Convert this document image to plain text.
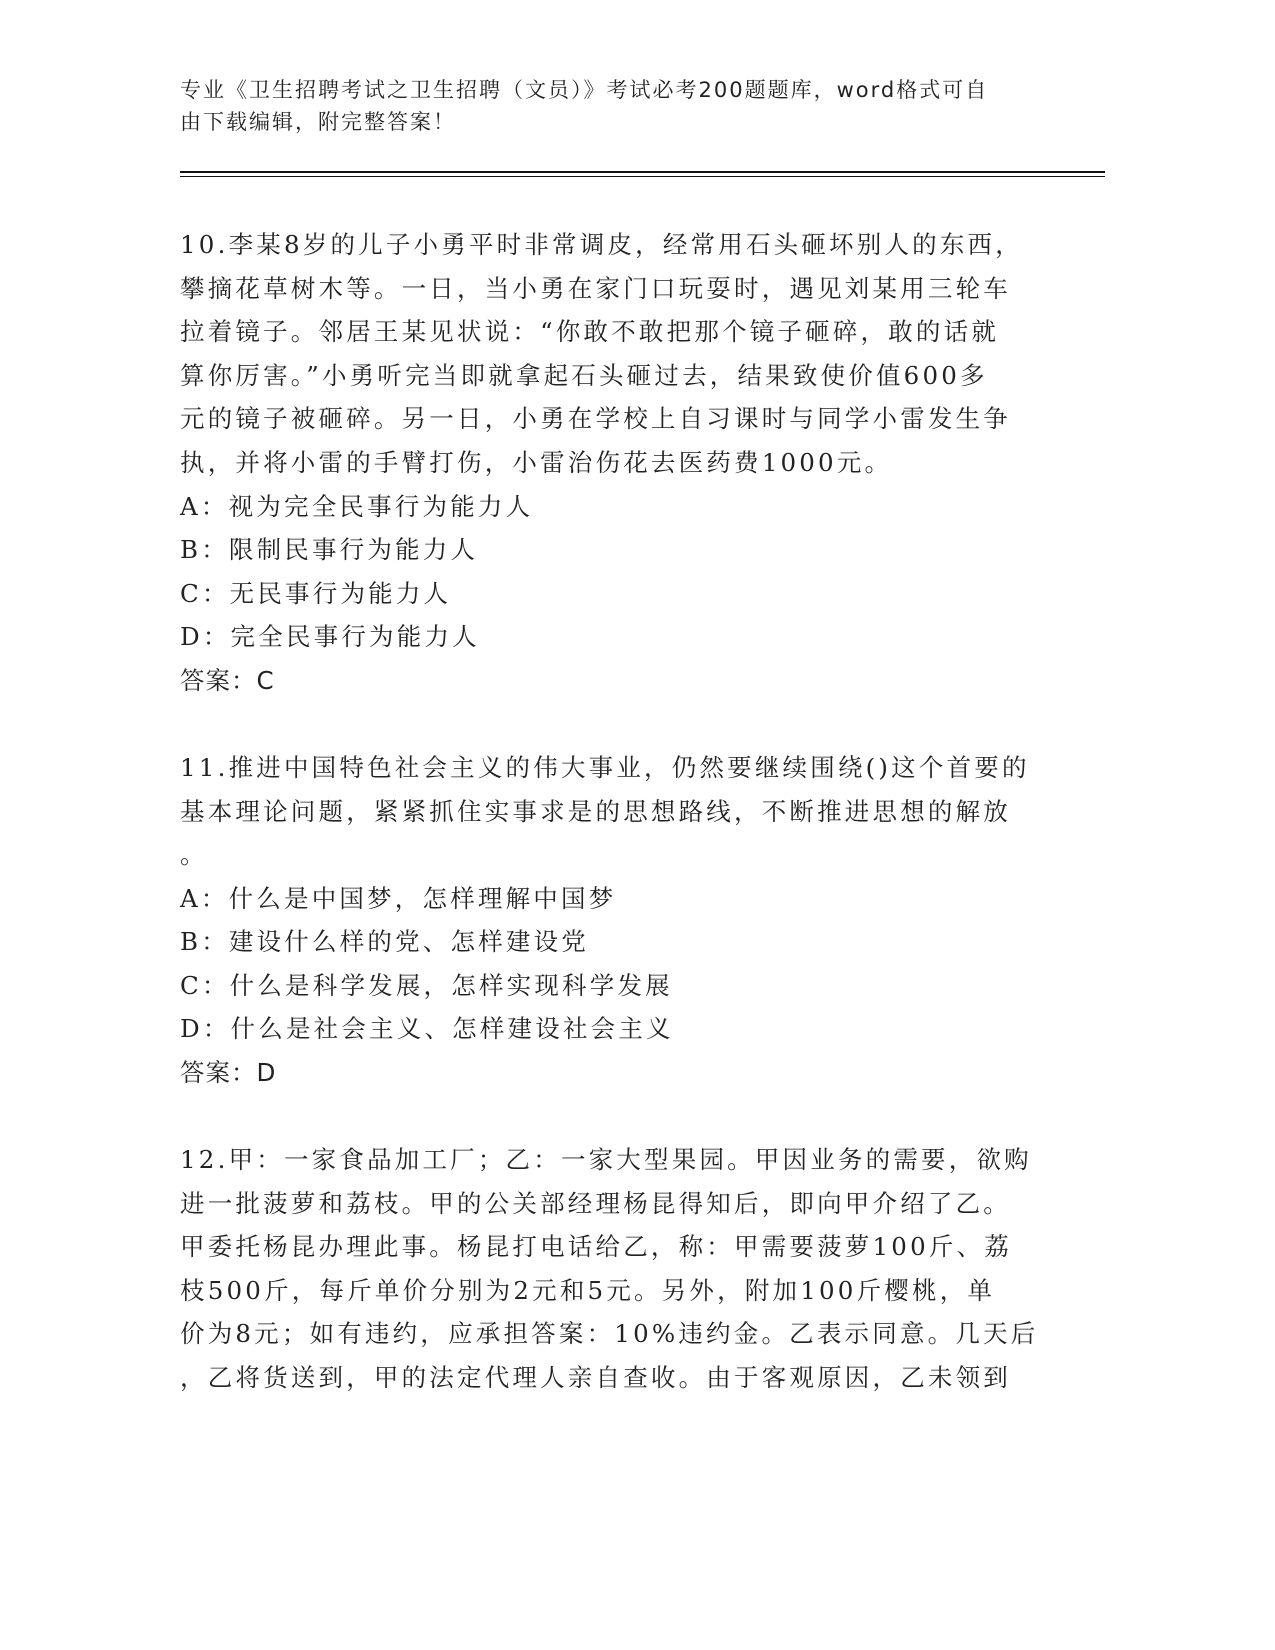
专业《卫生招聘考试之卫生招聘（文员）》考试必考200题题库，word格式可自
由下载编辑，附完整答案！
10.李某8岁的儿子小勇平时非常调皮，经常用石头砸坏别人的东西，
攀摘花草树木等。一日，当小勇在家门口玩耍时，遇见刘某用三轮车
拉着镜子。邻居王某见状说：“你敢不敢把那个镜子砸碎，敢的话就
算你厉害。”小勇听完当即就拿起石头砸过去，结果致使价值600多
元的镜子被砸碎。另一日，小勇在学校上自习课时与同学小雷发生争
执，并将小雷的手臂打伤，小雷治伤花去医药费1000元。
A：视为完全民事行为能力人
B：限制民事行为能力人
C：无民事行为能力人
D：完全民事行为能力人
答案：C
11.推进中国特色社会主义的伟大事业，仍然要继续围绕()这个首要的
基本理论问题，紧紧抓住实事求是的思想路线，不断推进思想的解放
。
A：什么是中国梦，怎样理解中国梦
B：建设什么样的党、怎样建设党
C：什么是科学发展，怎样实现科学发展
D：什么是社会主义、怎样建设社会主义
答案：D
12.甲：一家食品加工厂；乙：一家大型果园。甲因业务的需要，欲购
进一批菠萝和荔枝。甲的公关部经理杨昆得知后，即向甲介绍了乙。
甲委托杨昆办理此事。杨昆打电话给乙，称：甲需要菠萝100斤、荔
枝500斤，每斤单价分别为2元和5元。另外，附加100斤樱桃，单
价为8元；如有违约，应承担答案：10%违约金。乙表示同意。几天后
，乙将货送到，甲的法定代理人亲自查收。由于客观原因，乙未领到
